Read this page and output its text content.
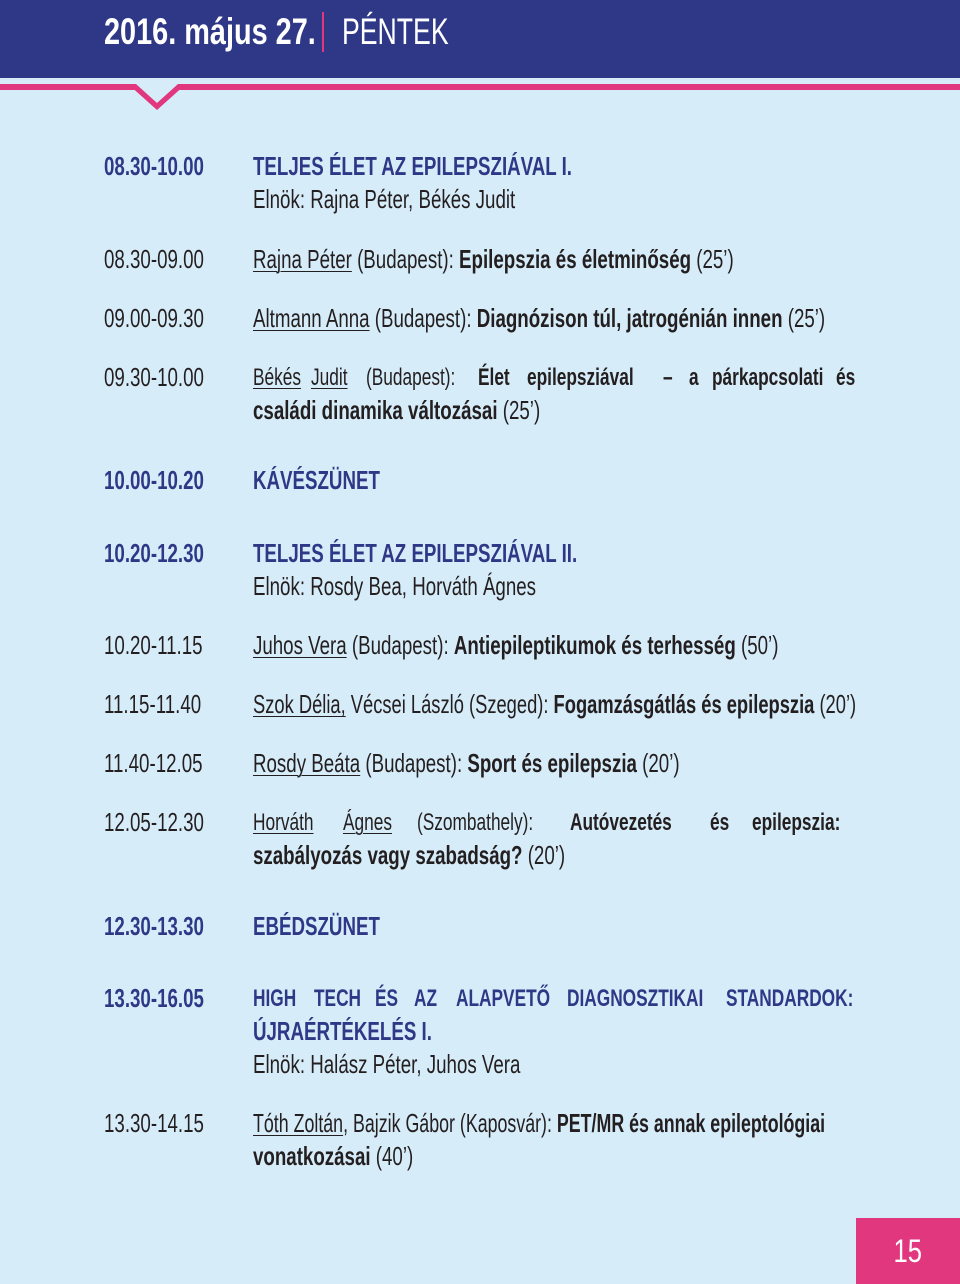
2016. május 27. PÉNTEK
08.30-10.00 TELJES ÉLET AZ EPILEPSZIÁVAL I.
Elnök: Rajna Péter, Békés Judit
08.30-09.00 Rajna Péter (Budapest): Epilepszia és életminőség (25’)
09.00-09.30 Altmann Anna (Budapest): Diagnózison túl, jatrogénián innen (25’)
09.30-10.00 Békés Judit (Budapest): Élet epilepsziával – a párkapcsolati és
családi dinamika változásai (25’)
10.00-10.20 KÁVÉSZÜNET
10.20-12.30 TELJES ÉLET AZ EPILEPSZIÁVAL II.
Elnök: Rosdy Bea, Horváth Ágnes
10.20-11.15 Juhos Vera (Budapest): Antiepileptikumok és terhesség (50’)
11.15-11.40 Szok Délia, Vécsei László (Szeged): Fogamzásgátlás és epilepszia (20’)
11.40-12.05 Rosdy Beáta (Budapest): Sport és epilepszia (20’)
12.05-12.30 Horváth Ágnes (Szombathely): Autóvezetés és epilepszia:
szabályozás vagy szabadság? (20’)
12.30-13.30 EBÉDSZÜNET
13.30-16.05 HIGH TECH ÉS AZ ALAPVETŐ DIAGNOSZTIKAI STANDARDOK:
ÚJRAÉRTÉKELÉS I.
Elnök: Halász Péter, Juhos Vera
13.30-14.15 Tóth Zoltán, Bajzik Gábor (Kaposvár): PET/MR és annak epileptológiai
vonatkozásai (40’)
15
